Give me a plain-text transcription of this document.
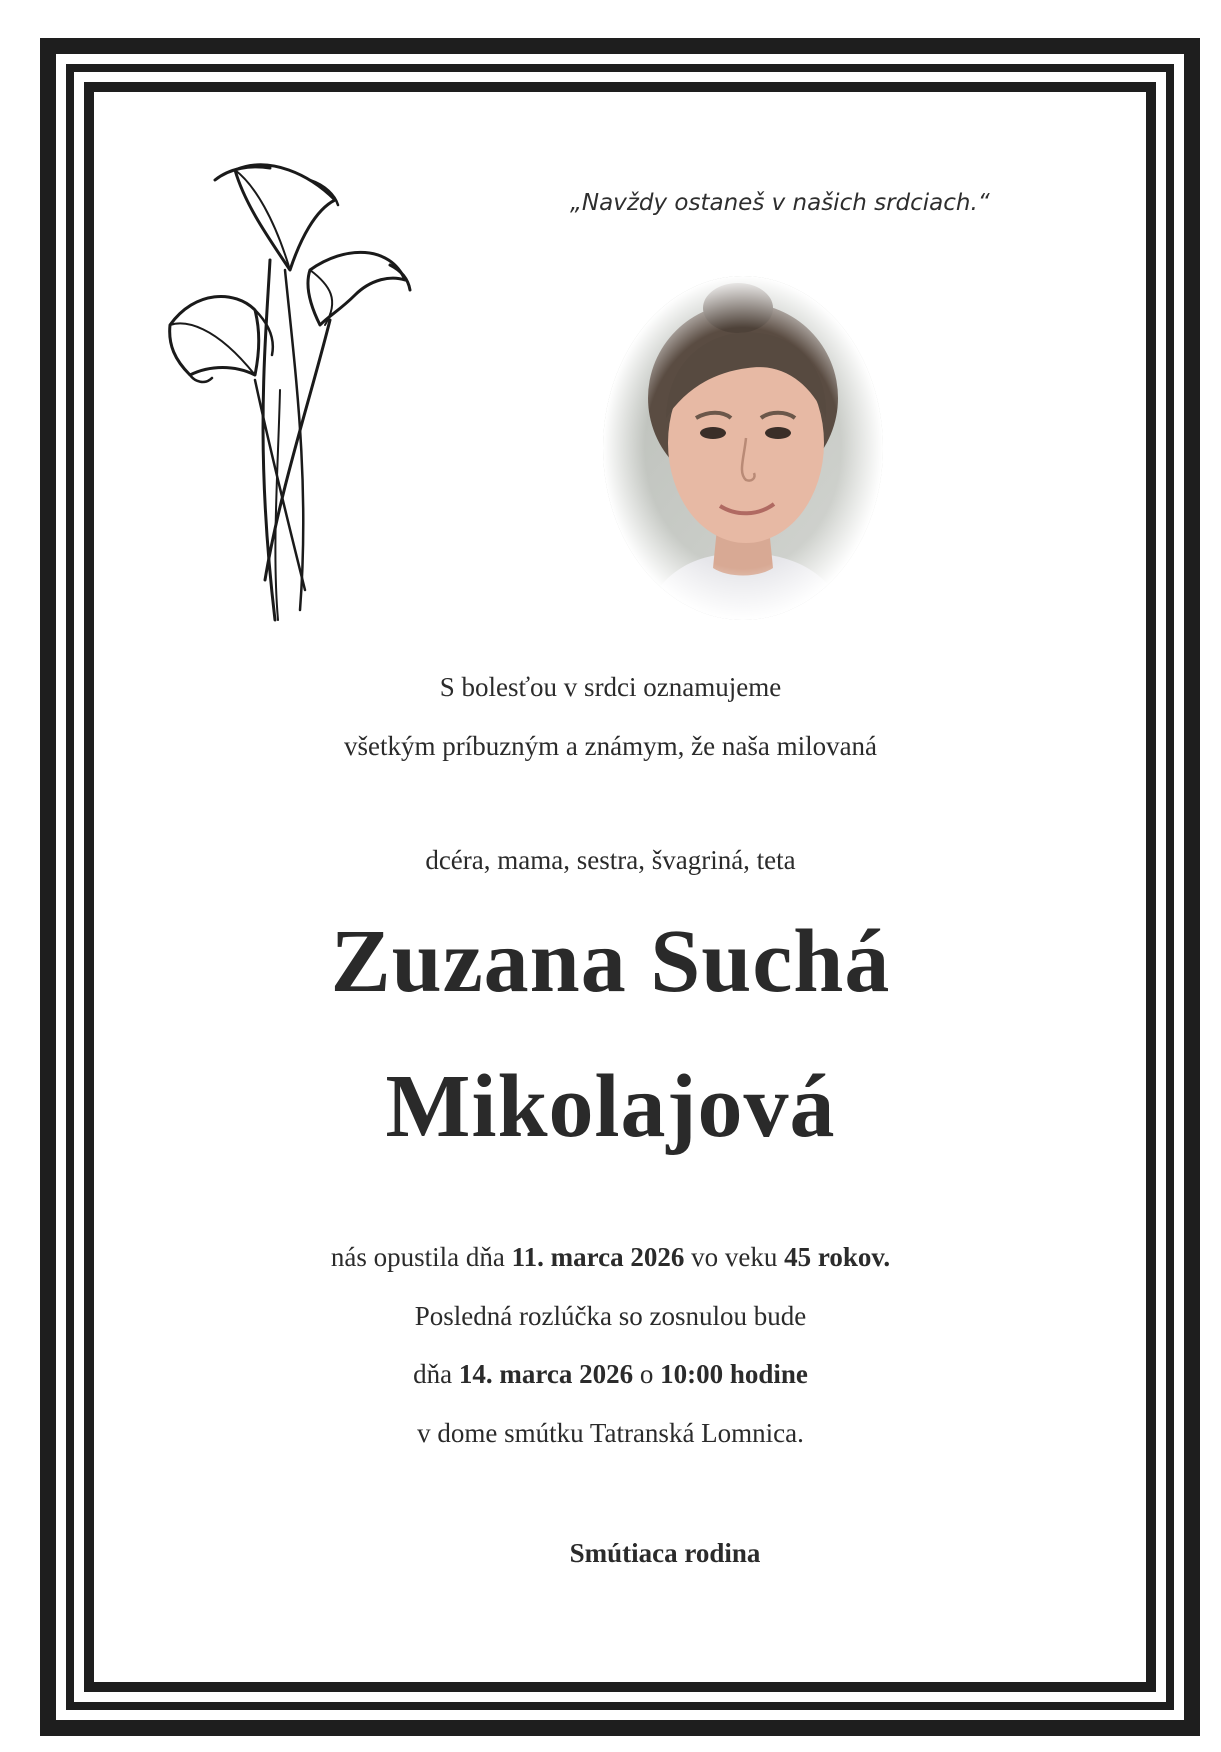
„Navždy ostaneš v našich srdciach.“
S bolesťou v srdci oznamujeme
všetkým príbuzným a známym, že naša milovaná
dcéra, mama, sestra, švagriná, teta
Zuzana Suchá
Mikolajová
nás opustila dňa 11. marca 2026 vo veku 45 rokov.
Posledná rozlúčka so zosnulou bude
dňa 14. marca 2026 o 10:00 hodine
v dome smútku Tatranská Lomnica.
Smútiaca rodina
